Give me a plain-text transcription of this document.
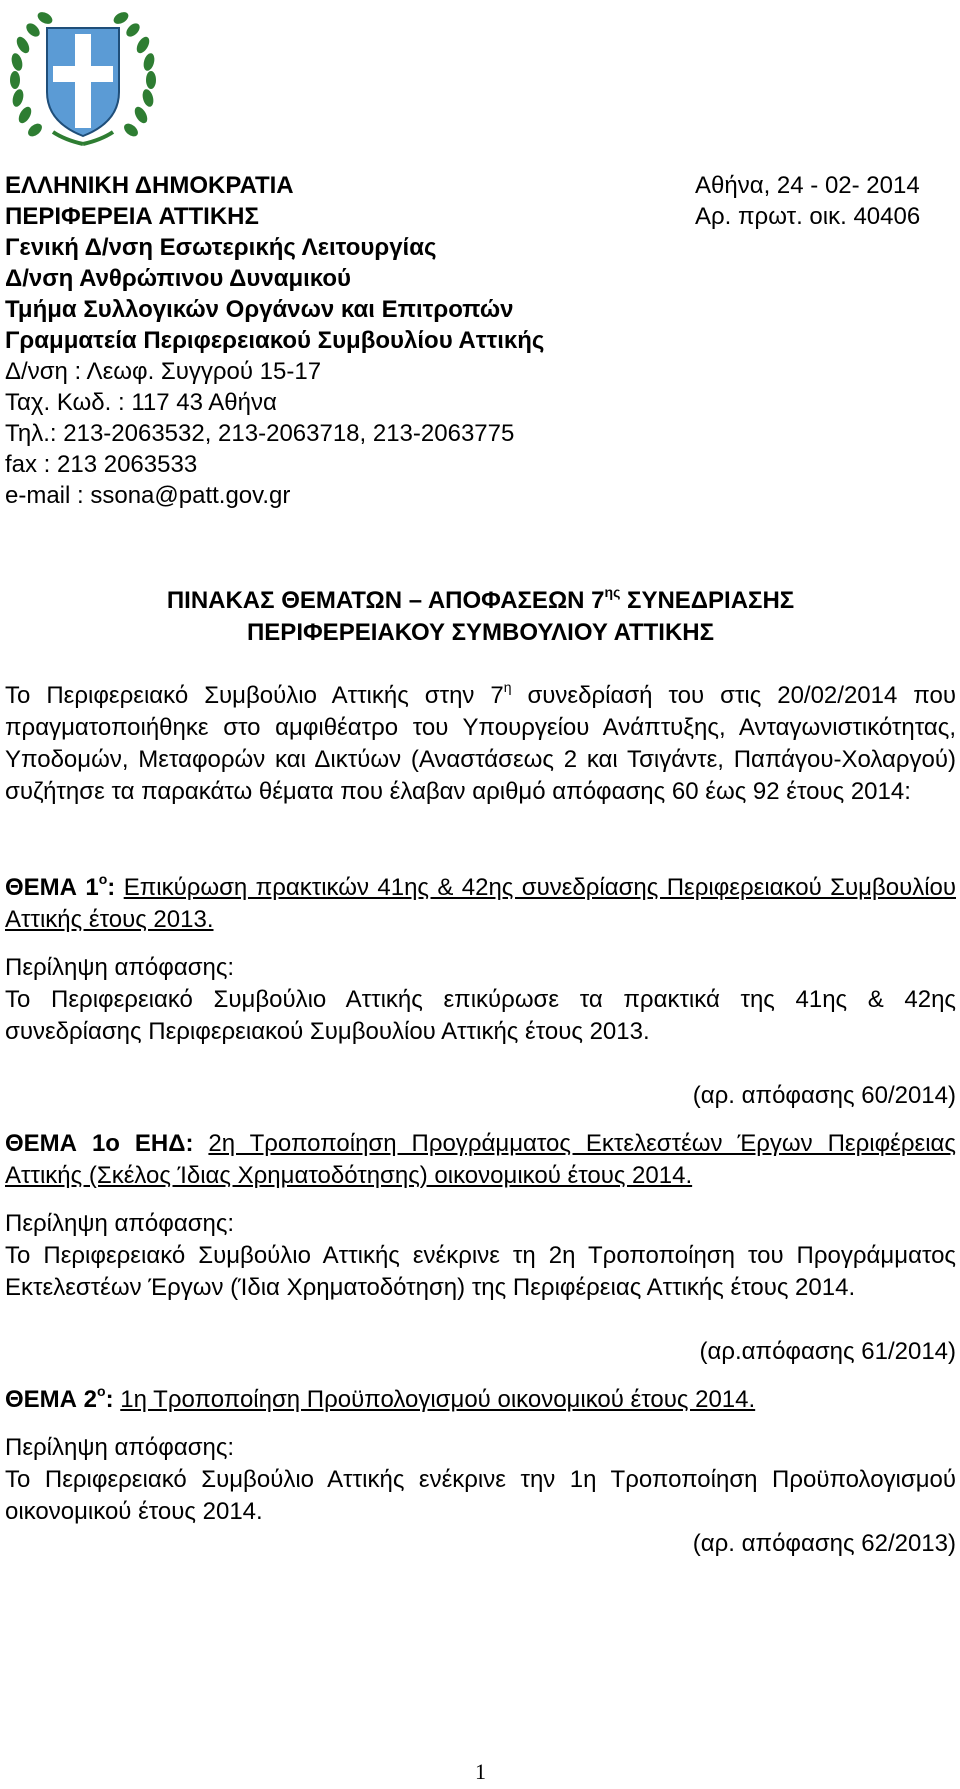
ΕΛΛΗΝΙΚΗ ΔΗΜΟΚΡΑΤΙΑ	Αθήνα, 24 - 02- 2014
ΠΕΡΙΦΕΡΕΙΑ ΑΤΤΙΚΗΣ	Αρ. πρωτ. οικ. 40406
Γενική Δ/νση Εσωτερικής Λειτουργίας
Δ/νση Ανθρώπινου Δυναμικού
Τμήμα Συλλογικών Οργάνων και Επιτροπών
Γραμματεία Περιφερειακού Συμβουλίου Αττικής
Δ/νση : Λεωφ. Συγγρού 15-17
Ταχ. Κωδ. : 117 43 Αθήνα
Τηλ.: 213-2063532, 213-2063718, 213-2063775
fax : 213 2063533
e-mail : ssona@patt.gov.gr
ΠΙΝΑΚΑΣ ΘΕΜΑΤΩΝ – ΑΠΟΦΑΣΕΩΝ $7^{\eta\varsigma}$ ΣΥΝΕΔΡΙΑΣΗΣ
ΠΕΡΙΦΕΡΕΙΑΚΟΥ ΣΥΜΒΟΥΛΙΟΥ ΑΤΤΙΚΗΣ

Το Περιφερειακό Συμβούλιο Αττικής στην $7^\eta$ συνεδρίασή του στις 20/02/2014 που πραγματοποιήθηκε στο αμφιθέατρο του Υπουργείου Ανάπτυξης, Ανταγωνιστικότητας, Υποδομών, Μεταφορών και Δικτύων (Αναστάσεως 2 και Τσιγάντε, Παπάγου-Χολαργού) συζήτησε τα παρακάτω θέματα που έλαβαν αριθμό απόφασης 60 έως 92 έτους 2014:

ΘΕΜΑ $1^o$: Επικύρωση πρακτικών 41ης & 42ης συνεδρίασης Περιφερειακού Συμβουλίου Αττικής έτους 2013.

Περίληψη απόφασης:

Το Περιφερειακό Συμβούλιο Αττικής επικύρωσε τα πρακτικά της 41ης & 42ης συνεδρίασης Περιφερειακού Συμβουλίου Αττικής έτους 2013.

(αρ. απόφασης 60/2014)

ΘΕΜΑ 1ο ΕΗΔ: 2η Τροποποίηση Προγράμματος Εκτελεστέων Έργων Περιφέρειας Αττικής (Σκέλος Ίδιας Χρηματοδότησης) οικονομικού έτους 2014.

Περίληψη απόφασης:

Το Περιφερειακό Συμβούλιο Αττικής ενέκρινε τη 2η Τροποποίηση του Προγράμματος Εκτελεστέων Έργων (Ίδια Χρηματοδότηση) της Περιφέρειας Αττικής έτους 2014.

(αρ.απόφασης 61/2014)

ΘΕΜΑ $2^o$: 1η Τροποποίηση Προϋπολογισμού οικονομικού έτους 2014.

Περίληψη απόφασης:

Το Περιφερειακό Συμβούλιο Αττικής ενέκρινε την 1η Τροποποίηση Προϋπολογισμού οικονομικού έτους 2014.

(αρ. απόφασης 62/2013)

1
